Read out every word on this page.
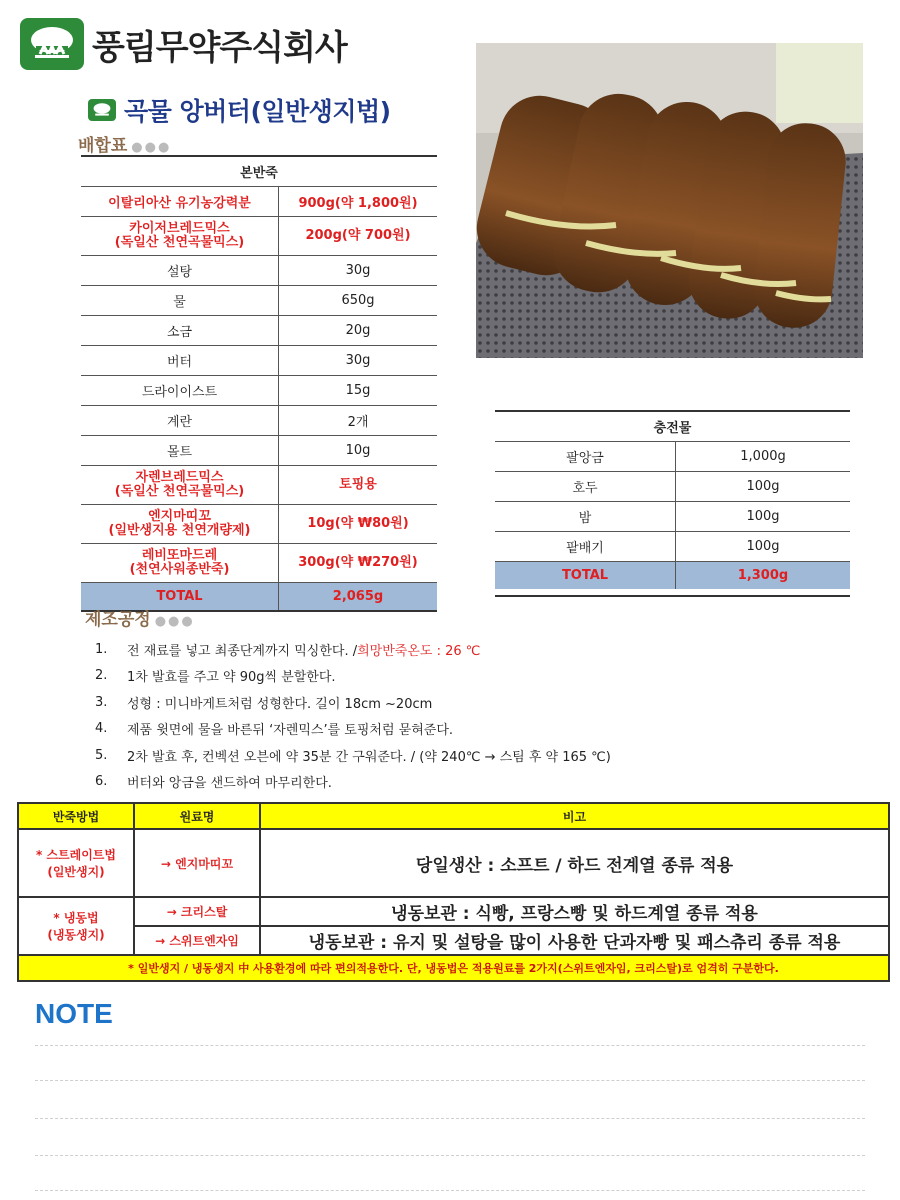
풍림무약주식회사
곡물 앙버터(일반생지법)
배합표 ●●●
본반죽	
이탈리아산 유기농강력분	900g(약 1,800원)
카이저브레드믹스
(독일산 천연곡물믹스)	200g(약 700원)
설탕	30g
물	650g
소금	20g
버터	30g
드라이이스트	15g
계란	2개
몰트	10g
자렌브레드믹스
(독일산 천연곡물믹스)	토핑용
엔지마띠꼬
(일반생지용 천연개량제)	10g(약 ₩80원)
레비또마드레
(천연사워종반죽)	300g(약 ₩270원)
TOTAL	2,065g
충전물	
팔앙금	1,000g
호두	100g
밤	100g
팥배기	100g
TOTAL	1,300g
제조공정 ●●●
1.	전 재료를 넣고 최종단계까지 믹싱한다. / 희망반죽온도 : 26 ℃
2.	1차 발효를 주고 약 90g씩 분할한다.
3.	성형 : 미니바게트처럼 성형한다. 길이 18cm ~20cm
4.	제품 윗면에 물을 바른뒤 ‘자렌믹스’를 토핑처럼 묻혀준다.
5.	2차 발효 후, 컨벡션 오븐에 약 35분 간 구워준다. / (약 240℃ → 스팀 후 약 165 ℃)
6.	버터와 앙금을 샌드하여 마무리한다.
반죽방법	원료명	비고
* 스트레이트법
(일반생지)	→ 엔지마띠꼬	당일생산 : 소프트 / 하드 전계열 종류 적용
* 냉동법
(냉동생지)	→ 크리스탈	냉동보관 : 식빵, 프랑스빵 및 하드계열 종류 적용
	→ 스위트엔자임	냉동보관 : 유지 및 설탕을 많이 사용한 단과자빵 및 패스츄리 종류 적용
* 일반생지 / 냉동생지 中 사용환경에 따라 편의적용한다. 단, 냉동법은 적용원료를 2가지(스위트엔자임, 크리스탈)로 엄격히 구분한다.		
NOTE
